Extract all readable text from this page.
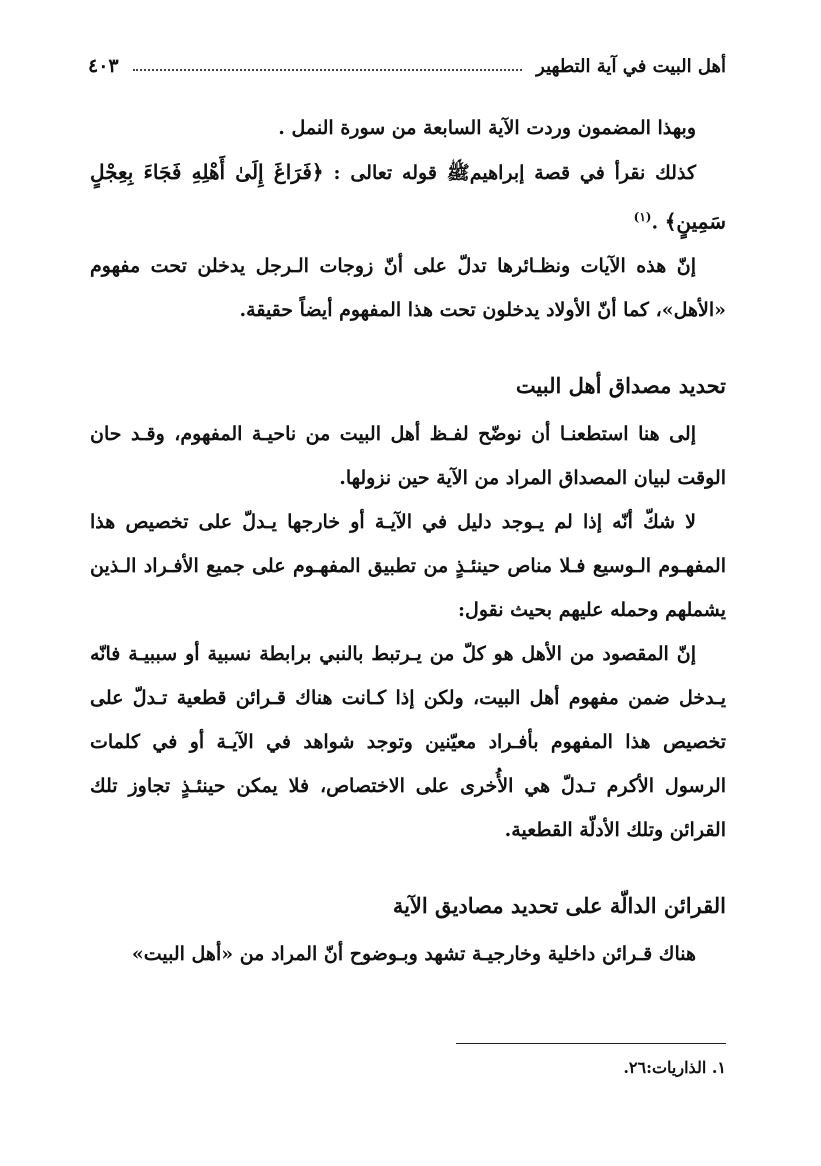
أهل البيت في آية التطهير
٤٠٣

وبهذا المضمون وردت الآية السابعة من سورة النمل .

كذلك نقرأ في قصة إبراهيمﷺ قوله تعالى : ﴿فَرَاغَ إِلَىٰ أَهْلِهِ فَجَاءَ بِعِجْلٍ سَمِينٍ﴾ .$^{(١)}$

إنّ هذه الآيات ونظـائرها تدلّ على أنّ زوجات الـرجل يدخلن تحت مفهوم «الأهل»، كما أنّ الأولاد يدخلون تحت هذا المفهوم أيضاً حقيقة.

تحديد مصداق أهل البيت

إلى هنا استطعنـا أن نوضّح لفـظ أهل البيت من ناحيـة المفهوم، وقـد حان الوقت لبيان المصداق المراد من الآية حين نزولها.

لا شكّ أنّه إذا لم يـوجد دليل في الآيـة أو خارجها يـدلّ على تخصيص هذا المفهـوم الـوسيع فـلا مناص حينئـذٍ من تطبيق المفهـوم على جميع الأفـراد الـذين يشملهم وحمله عليهم بحيث نقول:

إنّ المقصود من الأهل هو كلّ من يـرتبط بالنبي برابطة نسبية أو سببيـة فانّه يـدخل ضمن مفهوم أهل البيت، ولكن إذا كـانت هناك قـرائن قطعية تـدلّ على تخصيص هذا المفهوم بأفـراد معيّنين وتوجد شواهد في الآيـة أو في كلمات الرسول الأكرم تـدلّ هي الأُخرى على الاختصاص، فلا يمكن حينئـذٍ تجاوز تلك القرائن وتلك الأدلّة القطعية.

القرائن الدالّة على تحديد مصاديق الآية

هناك قـرائن داخلية وخارجيـة تشهد وبـوضوح أنّ المراد من «أهل البيت»

١. الذاريات:٢٦.
